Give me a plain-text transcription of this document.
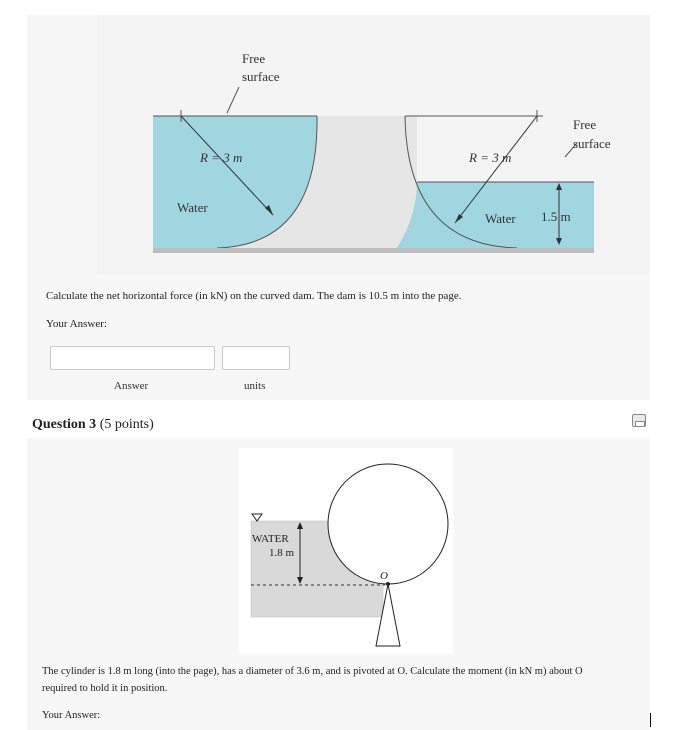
Free
surface
Free
surface
R = 3 m	R = 3 m
Water
Water 1.5 m
Calculate the net horizontal force (in kN) on the curved dam. The dam is 10.5 m into the page.
Your Answer:
Answer	units
Question 3 (5 points)
WATER
1.8 m
O
The cylinder is 1.8 m long (into the page), has a diameter of 3.6 m, and is pivoted at O. Calculate the moment (in kN m) about O
required to hold it in position.
Your Answer:
